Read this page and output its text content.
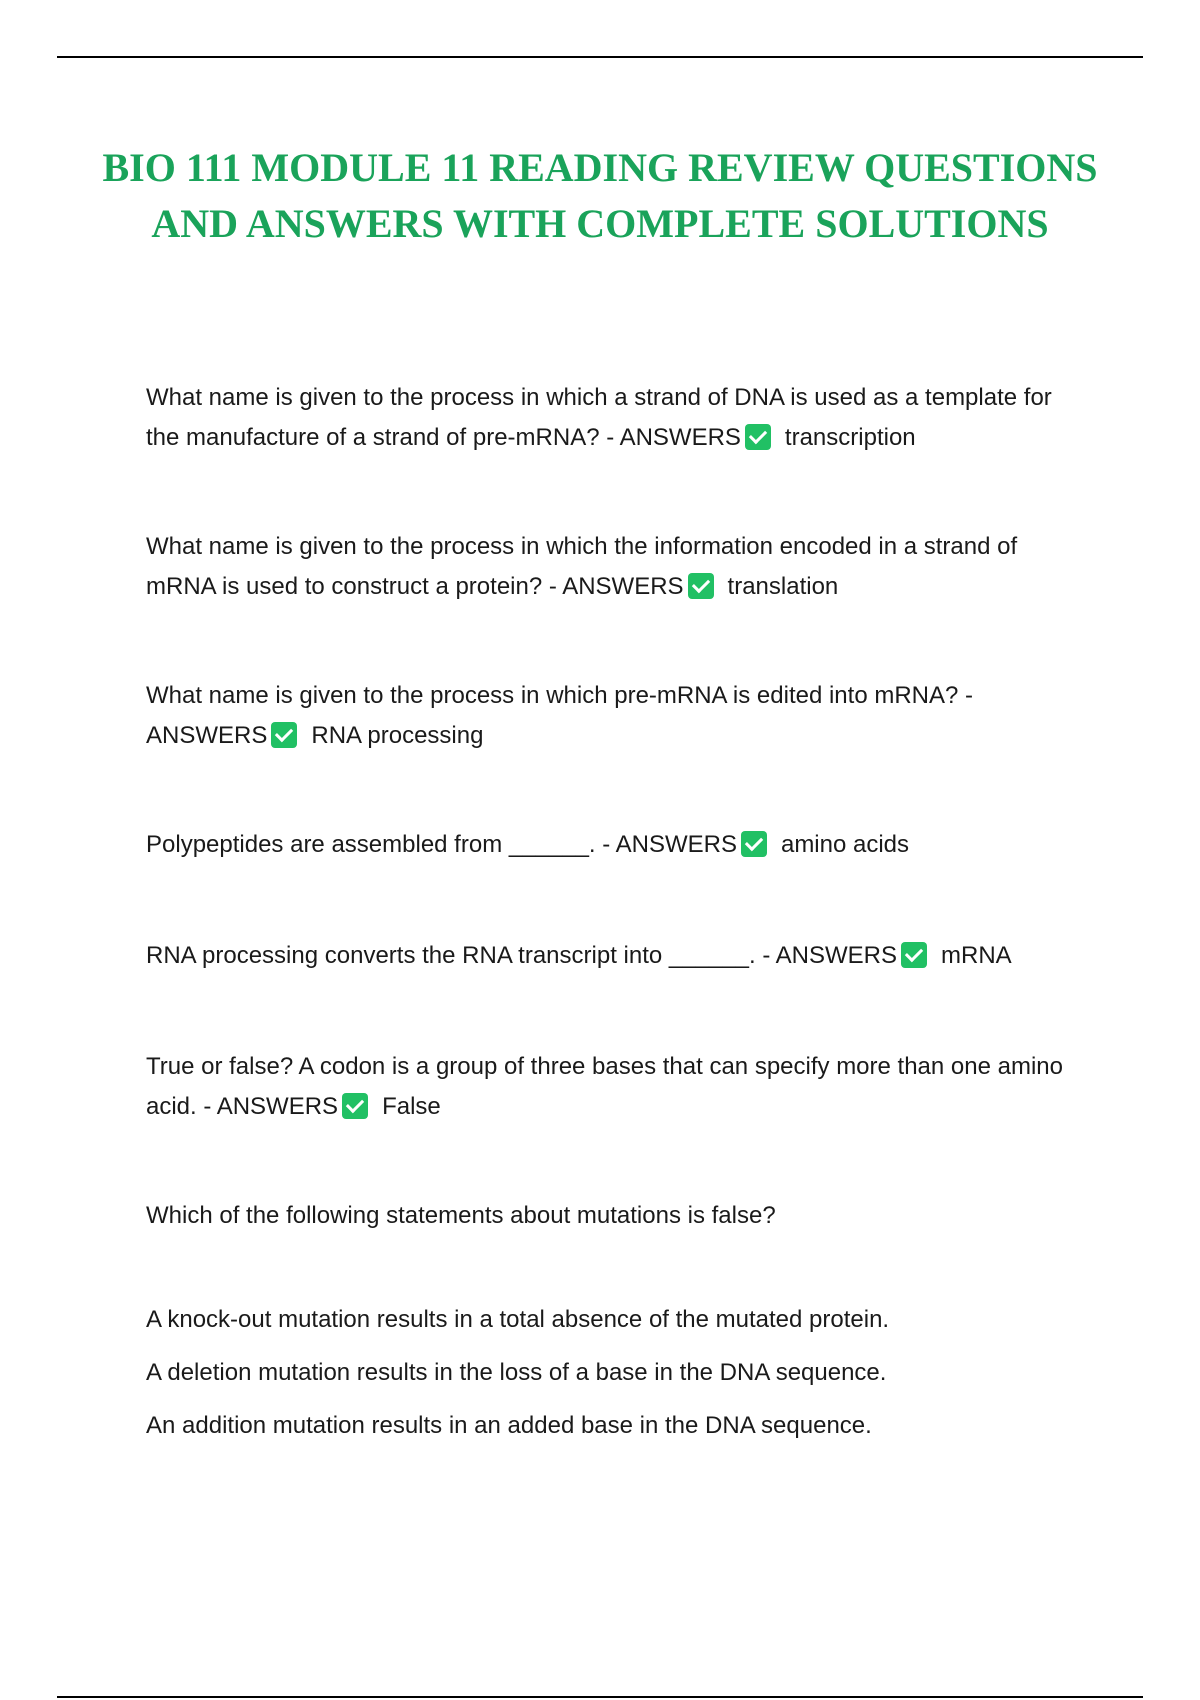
BIO 111 MODULE 11 READING REVIEW QUESTIONS AND ANSWERS WITH COMPLETE SOLUTIONS

What name is given to the process in which a strand of DNA is used as a template for the manufacture of a strand of pre-mRNA? - ANSWERS transcription

What name is given to the process in which the information encoded in a strand of mRNA is used to construct a protein? - ANSWERS translation

What name is given to the process in which pre-mRNA is edited into mRNA? - ANSWERS RNA processing

Polypeptides are assembled from ______. - ANSWERS amino acids

RNA processing converts the RNA transcript into ______. - ANSWERS mRNA

True or false? A codon is a group of three bases that can specify more than one amino acid. - ANSWERS False

Which of the following statements about mutations is false?

A knock-out mutation results in a total absence of the mutated protein.

A deletion mutation results in the loss of a base in the DNA sequence.

An addition mutation results in an added base in the DNA sequence.
